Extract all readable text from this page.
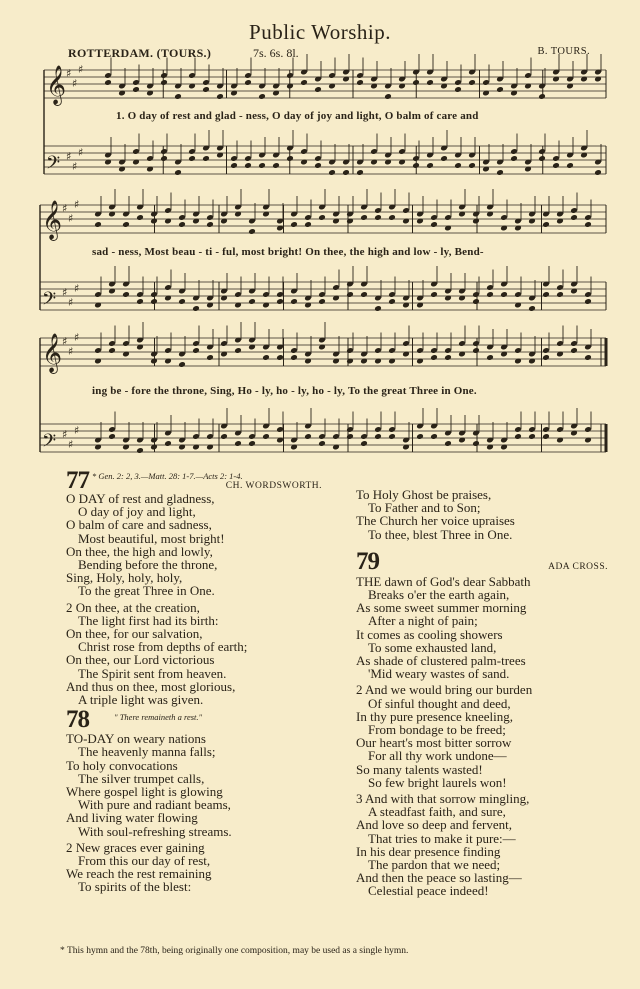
Public Worship.
ROTTERDAM. (TOURS.)	7s. 6s. 8l.	B. TOURS.
𝄞 ♯
♯
♯
𝄢 ♯
♯
♯
𝄞 ♯
♯
♯
𝄢 ♯
♯
♯
𝄞 ♯
♯
♯
𝄢 ♯
♯
♯
1. O day of rest and glad - ness, O day of joy and light, O balm of care and
sad - ness, Most beau - ti - ful, most bright! On thee, the high and low - ly, Bend-
ing be - fore the throne, Sing, Ho - ly, ho - ly, ho - ly, To the great Three in One.
77 * Gen. 2: 2, 3.—Matt. 28: 1-7.—Acts 2: 1-4.
CH. WORDSWORTH.
O DAY of rest and gladness,
O day of joy and light,
O balm of care and sadness,
Most beautiful, most bright!
On thee, the high and lowly,
Bending before the throne,
Sing, Holy, holy, holy,
To the great Three in One.
2 On thee, at the creation,
The light first had its birth:
On thee, for our salvation,
Christ rose from depths of earth;
On thee, our Lord victorious
The Spirit sent from heaven.
And thus on thee, most glorious,
A triple light was given.
78	" There remaineth a rest."
TO-DAY on weary nations
The heavenly manna falls;
To holy convocations
The silver trumpet calls,
Where gospel light is glowing
With pure and radiant beams,
And living water flowing
With soul-refreshing streams.
2 New graces ever gaining
From this our day of rest,
We reach the rest remaining
To spirits of the blest:
To Holy Ghost be praises,
To Father and to Son;
The Church her voice upraises
To thee, blest Three in One.
79	ADA CROSS.
THE dawn of God's dear Sabbath
Breaks o'er the earth again,
As some sweet summer morning
After a night of pain;
It comes as cooling showers
To some exhausted land,
As shade of clustered palm-trees
'Mid weary wastes of sand.
2 And we would bring our burden
Of sinful thought and deed,
In thy pure presence kneeling,
From bondage to be freed;
Our heart's most bitter sorrow
For all thy work undone—
So many talents wasted!
So few bright laurels won!
3 And with that sorrow mingling,
A steadfast faith, and sure,
And love so deep and fervent,
That tries to make it pure:—
In his dear presence finding
The pardon that we need;
And then the peace so lasting—
Celestial peace indeed!
* This hymn and the 78th, being originally one composition, may be used as a single hymn.
